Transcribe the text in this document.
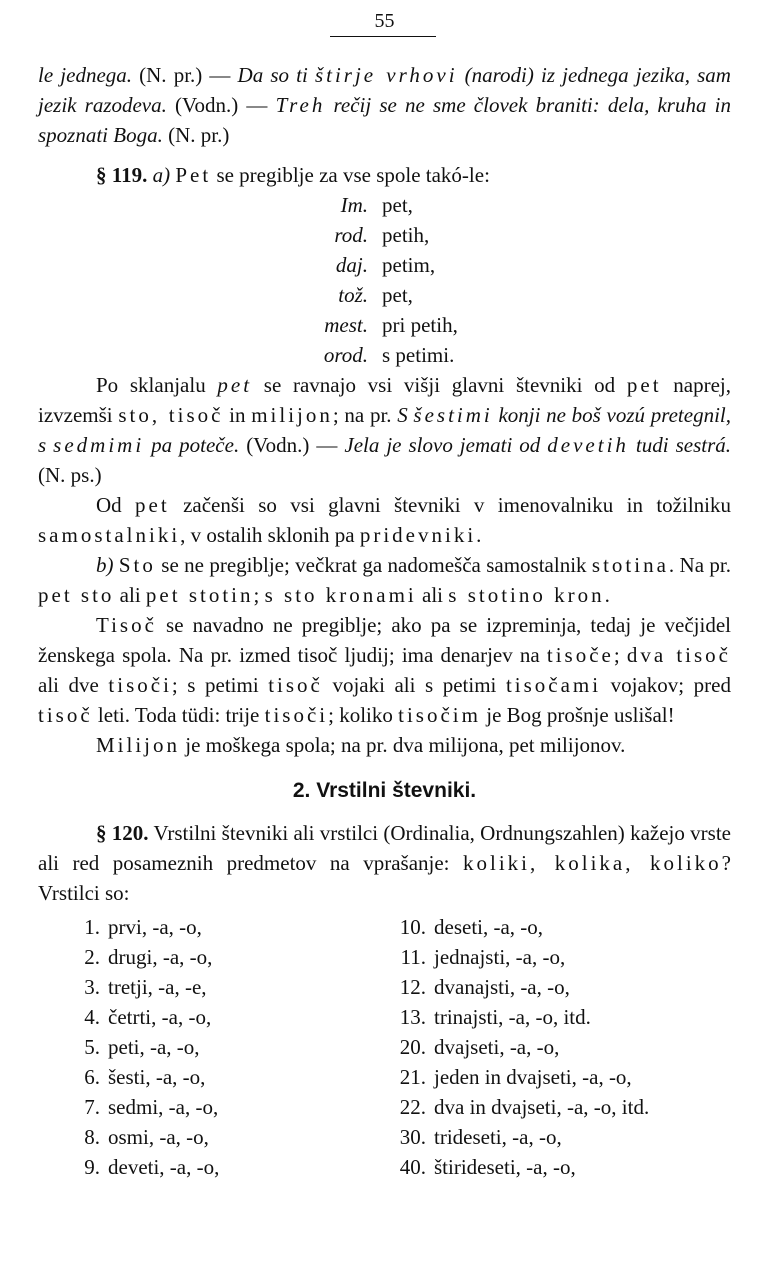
55

le jednega. (N. pr.) — Da so ti štirje vrhovi (narodi) iz jednega jezika, sam jezik razodeva. (Vodn.) — Treh rečij se ne sme človek braniti: dela, kruha in spoznati Boga. (N. pr.)

§ 119. a) Pet se pregiblje za vse spole takó-le:

Im. pet,
rod. petih,
daj. petim,
tož. pet,
mest. pri petih,
orod. s petimi.

Po sklanjalu pet se ravnajo vsi višji glavni števniki od pet naprej, izvzemši sto, tisoč in milijon; na pr. S šestimi konji ne boš vozú pretegnil, s sedmimi pa poteče. (Vodn.) — Jela je slovo jemati od devetih tudi sestrá. (N. ps.)

Od pet začenši so vsi glavni števniki v imenovalniku in tožilniku samostalniki, v ostalih sklonih pa pridevniki.

b) Sto se ne pregiblje; večkrat ga nadomešča samostalnik stotina. Na pr. pet sto ali pet stotin; s sto kronami ali s stotino kron.

Tisoč se navadno ne pregiblje; ako pa se izpreminja, tedaj je večjidel ženskega spola. Na pr. izmed tisoč ljudij; ima denarjev na tisoče; dva tisoč ali dve tisoči; s petimi tisoč vojaki ali s petimi tisočami vojakov; pred tisoč leti. Toda tüdi: trije tisoči; koliko tisočim je Bog prošnje uslišal!

Milijon je moškega spola; na pr. dva milijona, pet milijonov.

2. Vrstilni števniki.

§ 120. Vrstilni števniki ali vrstilci (Ordinalia, Ordnungszahlen) kažejo vrste ali red posameznih predmetov na vprašanje: koliki, kolika, koliko? Vrstilci so:

1. prvi, -a, -o,
2. drugi, -a, -o,
3. tretji, -a, -e,
4. četrti, -a, -o,
5. peti, -a, -o,
6. šesti, -a, -o,
7. sedmi, -a, -o,
8. osmi, -a, -o,
9. deveti, -a, -o,
10. deseti, -a, -o,
11. jednajsti, -a, -o,
12. dvanajsti, -a, -o,
13. trinajsti, -a, -o, itd.
20. dvajseti, -a, -o,
21. jeden in dvajseti, -a, -o,
22. dva in dvajseti, -a, -o, itd.
30. trideseti, -a, -o,
40. štirideseti, -a, -o,
